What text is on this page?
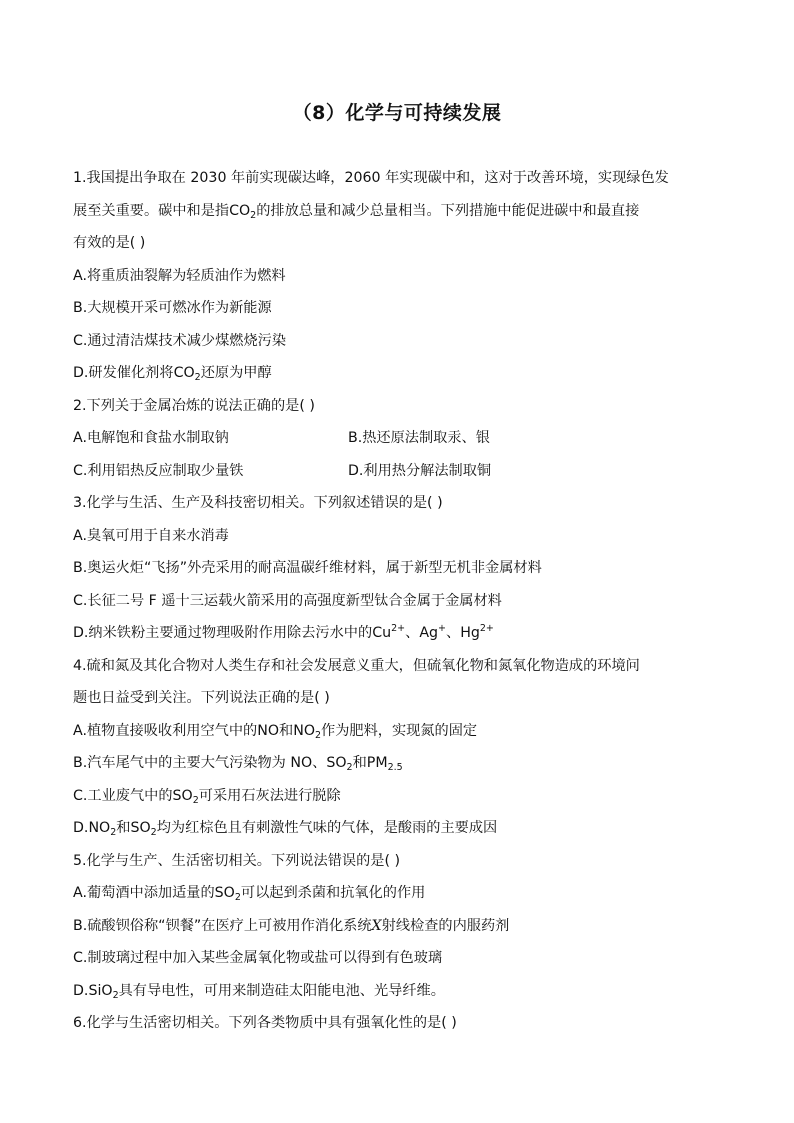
（8）化学与可持续发展
1.我国提出争取在 2030 年前实现碳达峰，2060 年实现碳中和，这对于改善环境，实现绿色发
展至关重要。碳中和是指$CO_2$的排放总量和减少总量相当。下列措施中能促进碳中和最直接
有效的是( )
A.将重质油裂解为轻质油作为燃料
B.大规模开采可燃冰作为新能源
C.通过清洁煤技术减少煤燃烧污染
D.研发催化剂将$CO_2$还原为甲醇
2.下列关于金属冶炼的说法正确的是( )
A.电解饱和食盐水制取钠	B.热还原法制取汞、银
C.利用铝热反应制取少量铁	D.利用热分解法制取铜
3.化学与生活、生产及科技密切相关。下列叙述错误的是( )
A.臭氧可用于自来水消毒
B.奥运火炬“飞扬”外壳采用的耐高温碳纤维材料，属于新型无机非金属材料
C.长征二号 F 遥十三运载火箭采用的高强度新型钛合金属于金属材料
D.纳米铁粉主要通过物理吸附作用除去污水中的$Cu^{2+}$、Ag+、$Hg^{2+}$
4.硫和氮及其化合物对人类生存和社会发展意义重大，但硫氧化物和氮氧化物造成的环境问
题也日益受到关注。下列说法正确的是( )
A.植物直接吸收利用空气中的NO和$NO_2$作为肥料，实现氮的固定
B.汽车尾气中的主要大气污染物为 NO、$SO_2$和$PM_{2.5}$
C.工业废气中的$SO_2$可采用石灰法进行脱除
$D.NO_2$和$SO_2$均为红棕色且有刺激性气味的气体，是酸雨的主要成因
5.化学与生产、生活密切相关。下列说法错误的是( )
A.葡萄酒中添加适量的$SO_2$可以起到杀菌和抗氧化的作用
B.硫酸钡俗称“钡餐”在医疗上可被用作消化系统X射线检查的内服药剂
C.制玻璃过程中加入某些金属氧化物或盐可以得到有色玻璃
D.SiO$_2$具有导电性，可用来制造硅太阳能电池、光导纤维。
6.化学与生活密切相关。下列各类物质中具有强氧化性的是( )
